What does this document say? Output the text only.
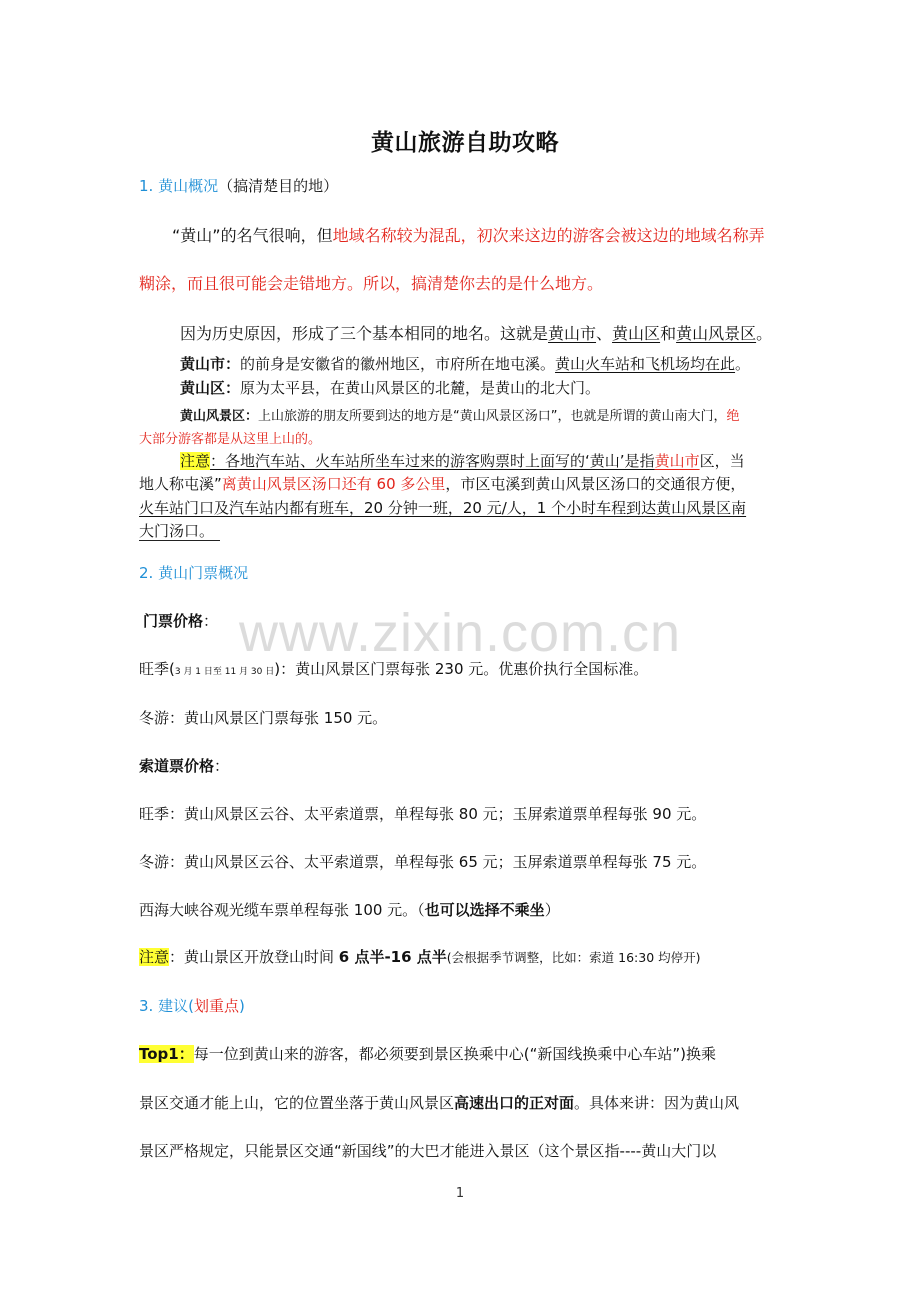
www.zixin.com.cn
黄山旅游自助攻略
1. 黄山概况（搞清楚目的地）
“黄山”的名气很响，但地域名称较为混乱，初次来这边的游客会被这边的地域名称弄
糊涂，而且很可能会走错地方。所以，搞清楚你去的是什么地方。
因为历史原因，形成了三个基本相同的地名。这就是黄山市、黄山区和黄山风景区。
黄山市：的前身是安徽省的徽州地区，市府所在地屯溪。黄山火车站和飞机场均在此。
黄山区：原为太平县，在黄山风景区的北麓，是黄山的北大门。
黄山风景区：上山旅游的朋友所要到达的地方是“黄山风景区汤口”，也就是所谓的黄山南大门，绝
大部分游客都是从这里上山的。
注意：各地汽车站、火车站所坐车过来的游客购票时上面写的‘黄山’是指黄山市区，当
地人称屯溪”离黄山风景区汤口还有 60 多公里，市区屯溪到黄山风景区汤口的交通很方便，
火车站门口及汽车站内都有班车，20 分钟一班，20 元/人，1 个小时车程到达黄山风景区南
大门汤口。
2. 黄山门票概况
门票价格：
旺季(3 月 1 日至 11 月 30 日)：黄山风景区门票每张 230 元。优惠价执行全国标准。
冬游：黄山风景区门票每张 150 元。
索道票价格：
旺季：黄山风景区云谷、太平索道票，单程每张 80 元；玉屏索道票单程每张 90 元。
冬游：黄山风景区云谷、太平索道票，单程每张 65 元；玉屏索道票单程每张 75 元。
西海大峡谷观光缆车票单程每张 100 元。（也可以选择不乘坐）
注意：黄山景区开放登山时间 6 点半-16 点半(会根据季节调整，比如：索道 16:30 均停开)
3. 建议(划重点)
Top1：每一位到黄山来的游客，都必须要到景区换乘中心(“新国线换乘中心车站”)换乘
景区交通才能上山，它的位置坐落于黄山风景区高速出口的正对面。具体来讲：因为黄山风
景区严格规定，只能景区交通“新国线”的大巴才能进入景区（这个景区指----黄山大门以
1
